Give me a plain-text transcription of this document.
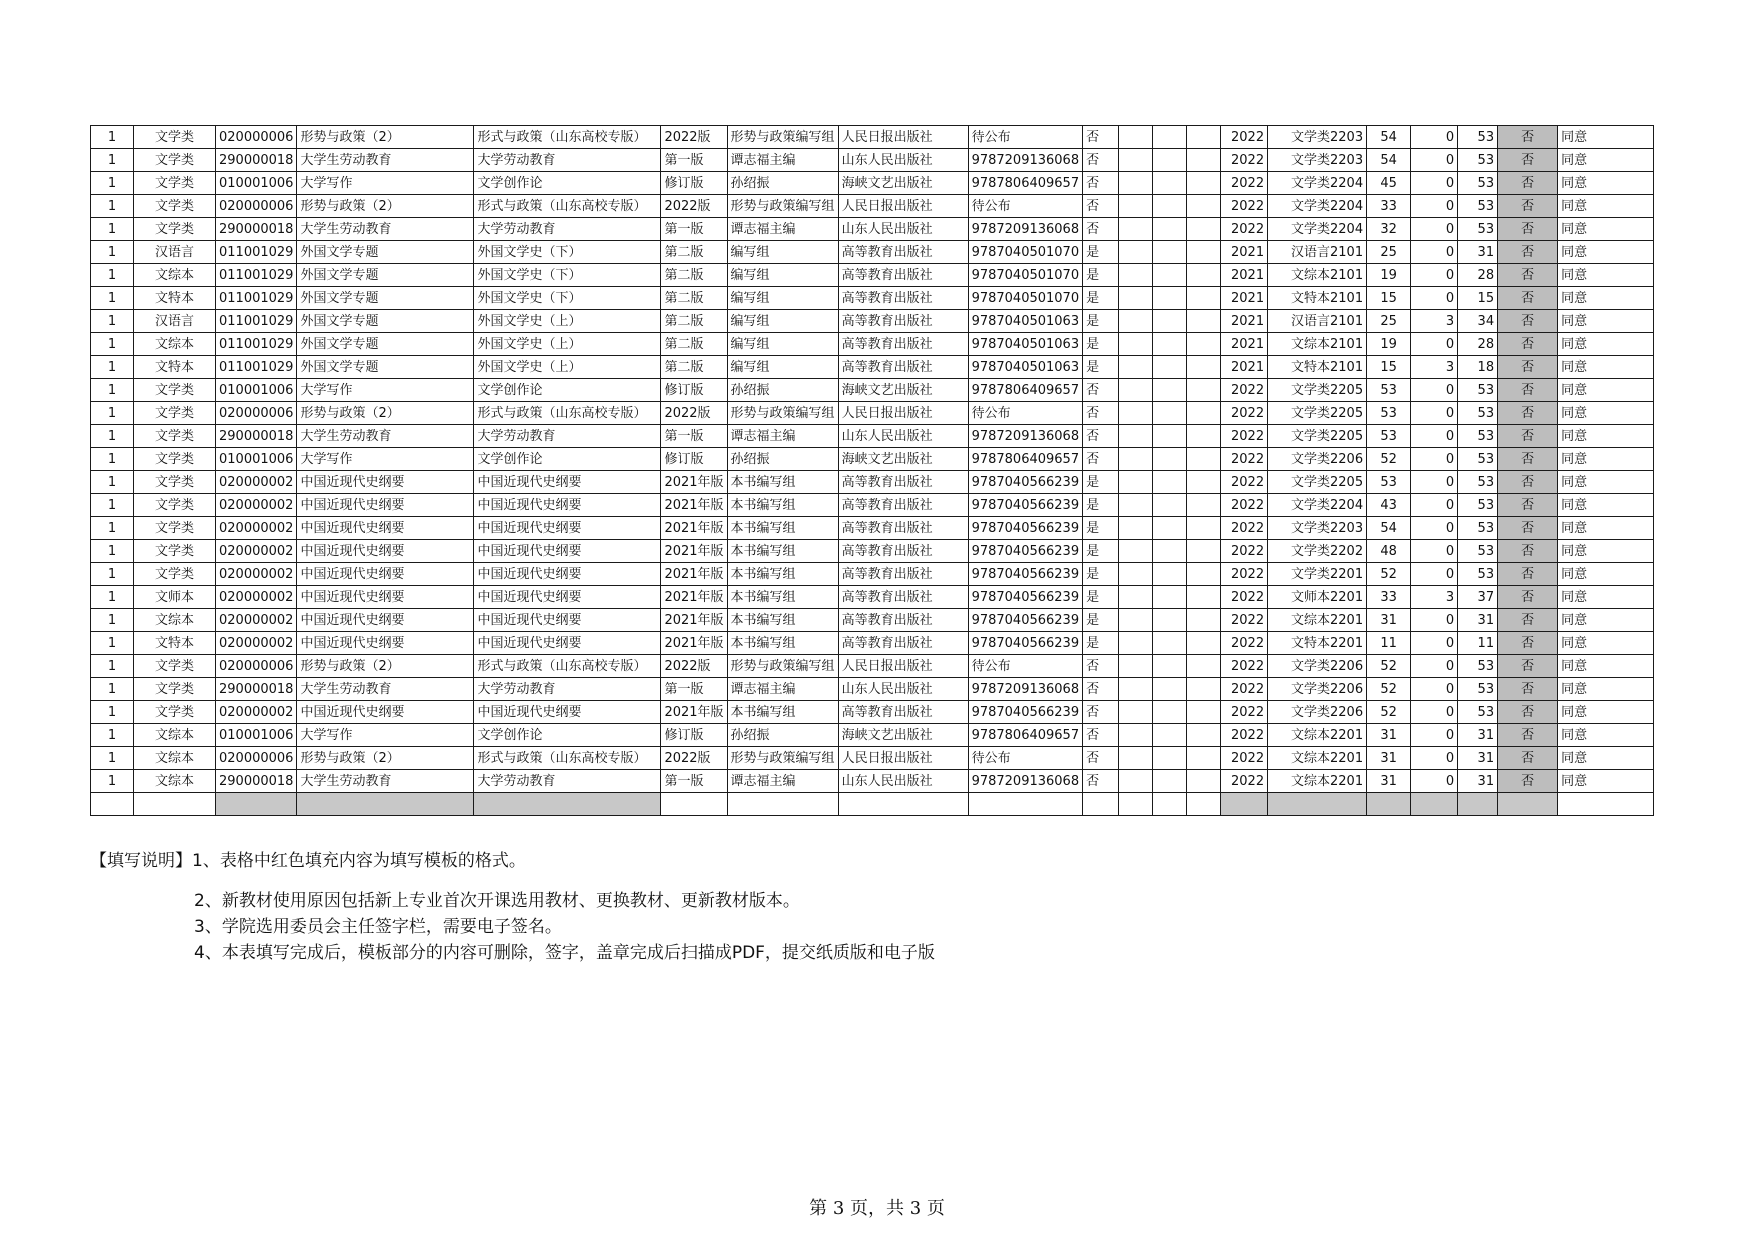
1	文学类	020000006	形势与政策（2）	形式与政策（山东高校专版）	2022版	形势与政策编写组	人民日报出版社	待公布	否				2022	文学类2203	54	0	53	否	同意
1	文学类	290000018	大学生劳动教育	大学劳动教育	第一版	谭志福主编	山东人民出版社	9787209136068	否				2022	文学类2203	54	0	53	否	同意
1	文学类	010001006	大学写作	文学创作论	修订版	孙绍振	海峡文艺出版社	9787806409657	否				2022	文学类2204	45	0	53	否	同意
1	文学类	020000006	形势与政策（2）	形式与政策（山东高校专版）	2022版	形势与政策编写组	人民日报出版社	待公布	否				2022	文学类2204	33	0	53	否	同意
1	文学类	290000018	大学生劳动教育	大学劳动教育	第一版	谭志福主编	山东人民出版社	9787209136068	否				2022	文学类2204	32	0	53	否	同意
1	汉语言	011001029	外国文学专题	外国文学史（下）	第二版	编写组	高等教育出版社	9787040501070	是				2021	汉语言2101	25	0	31	否	同意
1	文综本	011001029	外国文学专题	外国文学史（下）	第二版	编写组	高等教育出版社	9787040501070	是				2021	文综本2101	19	0	28	否	同意
1	文特本	011001029	外国文学专题	外国文学史（下）	第二版	编写组	高等教育出版社	9787040501070	是				2021	文特本2101	15	0	15	否	同意
1	汉语言	011001029	外国文学专题	外国文学史（上）	第二版	编写组	高等教育出版社	9787040501063	是				2021	汉语言2101	25	3	34	否	同意
1	文综本	011001029	外国文学专题	外国文学史（上）	第二版	编写组	高等教育出版社	9787040501063	是				2021	文综本2101	19	0	28	否	同意
1	文特本	011001029	外国文学专题	外国文学史（上）	第二版	编写组	高等教育出版社	9787040501063	是				2021	文特本2101	15	3	18	否	同意
1	文学类	010001006	大学写作	文学创作论	修订版	孙绍振	海峡文艺出版社	9787806409657	否				2022	文学类2205	53	0	53	否	同意
1	文学类	020000006	形势与政策（2）	形式与政策（山东高校专版）	2022版	形势与政策编写组	人民日报出版社	待公布	否				2022	文学类2205	53	0	53	否	同意
1	文学类	290000018	大学生劳动教育	大学劳动教育	第一版	谭志福主编	山东人民出版社	9787209136068	否				2022	文学类2205	53	0	53	否	同意
1	文学类	010001006	大学写作	文学创作论	修订版	孙绍振	海峡文艺出版社	9787806409657	否				2022	文学类2206	52	0	53	否	同意
1	文学类	020000002	中国近现代史纲要	中国近现代史纲要	2021年版	本书编写组	高等教育出版社	9787040566239	是				2022	文学类2205	53	0	53	否	同意
1	文学类	020000002	中国近现代史纲要	中国近现代史纲要	2021年版	本书编写组	高等教育出版社	9787040566239	是				2022	文学类2204	43	0	53	否	同意
1	文学类	020000002	中国近现代史纲要	中国近现代史纲要	2021年版	本书编写组	高等教育出版社	9787040566239	是				2022	文学类2203	54	0	53	否	同意
1	文学类	020000002	中国近现代史纲要	中国近现代史纲要	2021年版	本书编写组	高等教育出版社	9787040566239	是				2022	文学类2202	48	0	53	否	同意
1	文学类	020000002	中国近现代史纲要	中国近现代史纲要	2021年版	本书编写组	高等教育出版社	9787040566239	是				2022	文学类2201	52	0	53	否	同意
1	文师本	020000002	中国近现代史纲要	中国近现代史纲要	2021年版	本书编写组	高等教育出版社	9787040566239	是				2022	文师本2201	33	3	37	否	同意
1	文综本	020000002	中国近现代史纲要	中国近现代史纲要	2021年版	本书编写组	高等教育出版社	9787040566239	是				2022	文综本2201	31	0	31	否	同意
1	文特本	020000002	中国近现代史纲要	中国近现代史纲要	2021年版	本书编写组	高等教育出版社	9787040566239	是				2022	文特本2201	11	0	11	否	同意
1	文学类	020000006	形势与政策（2）	形式与政策（山东高校专版）	2022版	形势与政策编写组	人民日报出版社	待公布	否				2022	文学类2206	52	0	53	否	同意
1	文学类	290000018	大学生劳动教育	大学劳动教育	第一版	谭志福主编	山东人民出版社	9787209136068	否				2022	文学类2206	52	0	53	否	同意
1	文学类	020000002	中国近现代史纲要	中国近现代史纲要	2021年版	本书编写组	高等教育出版社	9787040566239	否				2022	文学类2206	52	0	53	否	同意
1	文综本	010001006	大学写作	文学创作论	修订版	孙绍振	海峡文艺出版社	9787806409657	否				2022	文综本2201	31	0	31	否	同意
1	文综本	020000006	形势与政策（2）	形式与政策（山东高校专版）	2022版	形势与政策编写组	人民日报出版社	待公布	否				2022	文综本2201	31	0	31	否	同意
1	文综本	290000018	大学生劳动教育	大学劳动教育	第一版	谭志福主编	山东人民出版社	9787209136068	否				2022	文综本2201	31	0	31	否	同意

【填写说明】1、表格中红色填充内容为填写模板的格式。
2、新教材使用原因包括新上专业首次开课选用教材、更换教材、更新教材版本。
3、学院选用委员会主任签字栏，需要电子签名。
4、本表填写完成后，模板部分的内容可删除，签字，盖章完成后扫描成PDF，提交纸质版和电子版
第 3 页，共 3 页
